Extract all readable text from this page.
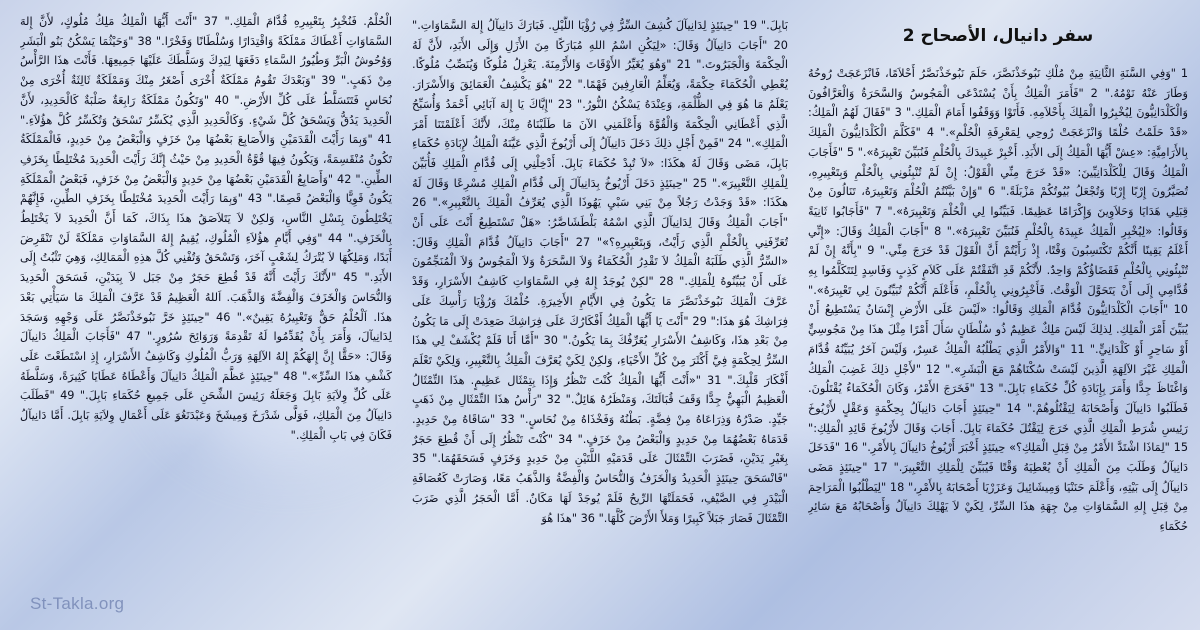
سفر دانيال، الأصحاح 2
1 "وَفِي السَّنَةِ الثَّانِيَةِ مِنْ مُلْكِ نَبُوخَذْنَصَّرَ، حَلَمَ نَبُوخَذْنَصَّرُ أَحْلاَمًا، فَانْزَعَجَتْ رُوحُهُ وَطَارَ عَنْهُ نَوْمُهُ." 2 "فَأَمَرَ الْمَلِكُ بِأَنْ يُسْتَدْعَى الْمَجُوسُ وَالسَّحَرَةُ وَالْعَرَّافُونَ وَالْكَلْدَانِيُّونَ لِيُخْبِرُوا الْمَلِكَ بِأَحْلاَمِهِ. فَأَتَوْا وَوَقَفُوا أَمَامَ الْمَلِكِ." 3 "فَقَالَ لَهُمُ الْمَلِكُ: «قَدْ حَلَمْتُ حُلْمًا وَانْزَعَجَتْ رُوحِي لِمَعْرِفَةِ الْحُلْمِ»." 4 "فَكَلَّمَ الْكَلْدَانِيُّونَ الْمَلِكَ بِالأَرَامِيَّةِ: «عِشْ أَيُّهَا الْمَلِكُ إِلَى الأَبَدِ. أَخْبِرْ عَبِيدَكَ بِالْحُلْمِ فَنُبَيِّنَ تَعْبِيرَهُ»." 5 "فَأَجَابَ الْمَلِكُ وَقَالَ لِلْكَلْدَانِيِّينَ: «قَدْ خَرَجَ مِنِّي الْقَوْلُ: إِنْ لَمْ تُنْبِئُونِي بِالْحُلْمِ وَبِتَعْبِيرِهِ، تُصَيَّرُونَ إِرْبًا إِرْبًا وَتُجْعَلُ بُيُوتُكُمْ مَزْبَلَةً." 6 "وَإِنْ بَيَّنْتُمُ الْحُلْمَ وَتَعْبِيرَهُ، تَنَالُونَ مِنْ قِبَلِي هَدَايَا وَحَلاَوِينَ وَإِكْرَامًا عَظِيمًا. فَبَيِّنُوا لِي الْحُلْمَ وَتَعْبِيرَهُ»." 7 "فَأَجَابُوا ثَانِيَةً وَقَالُوا: «لِيُخْبِرِ الْمَلِكُ عَبِيدَهُ بِالْحُلْمِ فَنُبَيِّنَ تَعْبِيرَهُ»." 8 "أَجَابَ الْمَلِكُ وَقَالَ: «إِنِّي أَعْلَمُ يَقِينًا أَنَّكُمْ تَكْتَسِبُونَ وَقْتًا، إِذْ رَأَيْتُمْ أَنَّ الْقَوْلَ قَدْ خَرَجَ مِنِّي." 9 "بِأَنَّهُ إِنْ لَمْ تُنْبِئُونِي بِالْحُلْمِ فَقَضَاؤُكُمْ وَاحِدٌ. لأَنَّكُمْ قَدِ اتَّفَقْتُمْ عَلَى كَلاَمٍ كَذِبٍ وَفَاسِدٍ لِتَتَكَلَّمُوا بِهِ قُدَّامِي إِلَى أَنْ يَتَحَوَّلَ الْوَقْتُ. فَأَخْبِرُونِي بِالْحُلْمِ، فَأَعْلَمَ أَنَّكُمْ تُبَيِّنُونَ لِي تَعْبِيرَهُ»." 10 "أَجَابَ الْكَلْدَانِيُّونَ قُدَّامَ الْمَلِكِ وَقَالُوا: «لَيْسَ عَلَى الأَرْضِ إِنْسَانٌ يَسْتَطِيعُ أَنْ يُبَيِّنَ أَمْرَ الْمَلِكِ. لِذلِكَ لَيْسَ مَلِكٌ عَظِيمٌ ذُو سُلْطَانٍ سَأَلَ أَمْرًا مِثْلَ هذَا مِنْ مَجُوسِيٍّ أَوْ سَاحِرٍ أَوْ كَلْدَانِيٍّ." 11 "وَالأَمْرُ الَّذِي يَطْلُبُهُ الْمَلِكُ عَسِرٌ، وَلَيْسَ آخَرُ يُبَيِّنُهُ قُدَّامَ الْمَلِكِ غَيْرَ الآلِهَةِ الَّذِينَ لَيْسَتْ سُكْنَاهُمْ مَعَ الْبَشَرِ»." 12 "لأَجْلِ ذلِكَ غَضِبَ الْمَلِكُ وَاغْتَاظَ جِدًّا وَأَمَرَ بِإِبَادَةِ كُلِّ حُكَمَاءِ بَابِلَ." 13 "فَخَرَجَ الأَمْرُ، وَكَانَ الْحُكَمَاءُ يُقْتَلُونَ. فَطَلَبُوا دَانِيآلَ وَأَصْحَابَهُ لِيَقْتُلُوهُمْ." 14 "حِينَئِذٍ أَجَابَ دَانِيآلُ بِحِكْمَةٍ وَعَقْلٍ لأَرْيُوخَ رَئِيسِ شُرَطِ الْمَلِكِ الَّذِي خَرَجَ لِيَقْتُلَ حُكَمَاءَ بَابِلَ. أَجَابَ وَقَالَ لأَرْيُوخَ قَائِدِ الْمَلِكِ:" 15 "لِمَاذَا اشْتَدَّ الأَمْرُ مِنْ قِبَلِ الْمَلِكِ؟» حِينَئِذٍ أَخْبَرَ أَرْيُوخُ دَانِيآلَ بِالأَمْرِ." 16 "فَدَخَلَ دَانِيآلُ وَطَلَبَ مِنَ الْمَلِكِ أَنْ يُعْطِيَهُ وَقْتًا فَيُبَيِّنَ لِلْمَلِكِ التَّعْبِيرَ." 17 "حِينَئِذٍ مَضَى دَانِيآلُ إِلَى بَيْتِهِ، وَأَعْلَمَ حَنَنْيَا وَمِيشَائِيلَ وَعَزَرْيَا أَصْحَابَهُ بِالأَمْرِ،" 18 "لِيَطْلُبُوا الْمَرَاحِمَ مِنْ قِبَلِ إِلهِ السَّمَاوَاتِ مِنْ جِهَةِ هذَا السِّرِّ، لِكَيْ لاَ يَهْلِكَ دَانِيآلُ وَأَصْحَابُهُ مَعَ سَائِرِ حُكَمَاءِ
بَابِلَ." 19 "حِينَئِذٍ لِدَانِيآلَ كُشِفَ السِّرُّ فِي رُؤْيَا اللَّيْلِ. فَبَارَكَ دَانِيآلُ إِلهَ السَّمَاوَاتِ." 20 "أَجَابَ دَانِيآلُ وَقَالَ: «لِيَكُنِ اسْمُ اللهِ مُبَارَكًا مِنَ الأَزَلِ وَإِلَى الأَبَدِ، لأَنَّ لَهُ الْحِكْمَةَ وَالْجَبَرُوتَ." 21 "وَهُوَ يُغَيِّرُ الأَوْقَاتَ وَالأَزْمِنَةَ. يَعْزِلُ مُلُوكًا وَيُنَصِّبُ مُلُوكًا. يُعْطِي الْحُكَمَاءَ حِكْمَةً، وَيُعَلِّمُ الْعَارِفِينَ فَهْمًا." 22 "هُوَ يَكْشِفُ الْعَمَائِقَ وَالأَسْرَارَ. يَعْلَمُ مَا هُوَ فِي الظُّلْمَةِ، وَعِنْدَهُ يَسْكُنُ النُّورُ." 23 "إِيَّاكَ يَا إِلهَ آبَائِي أَحْمَدُ وَأُسَبِّحُ الَّذِي أَعْطَانِي الْحِكْمَةَ وَالْقُوَّةَ وَأَعْلَمَنِي الآنَ مَا طَلَبْنَاهُ مِنْكَ، لأَنَّكَ أَعْلَمْتَنَا أَمْرَ الْمَلِكِ»." 24 "فَمِنْ أَجْلِ ذلِكَ دَخَلَ دَانِيآلُ إِلَى أَرْيُوخَ الَّذِي عَيَّنَهُ الْمَلِكُ لإِبَادَةِ حُكَمَاءِ بَابِلَ، مَضَى وَقَالَ لَهُ هكَذَا: «لاَ تُبِدْ حُكَمَاءَ بَابِلَ. أَدْخِلْنِي إِلَى قُدَّامِ الْمَلِكِ فَأُبَيِّنَ لِلْمَلِكِ التَّعْبِيرَ»." 25 "حِينَئِذٍ دَخَلَ أَرْيُوخُ بِدَانِيآلَ إِلَى قُدَّامِ الْمَلِكِ مُسْرِعًا وَقَالَ لَهُ هكَذَا: «قَدْ وَجَدْتُ رَجُلاً مِنْ بَنِي سَبْيِ يَهُوذَا الَّذِي يُعَرِّفُ الْمَلِكَ بِالتَّعْبِيرِ»." 26 "أَجَابَ الْمَلِكُ وَقَالَ لِدَانِيآلَ الَّذِي اسْمُهُ بَلْطَشَاصَّرُ: «هَلْ تَسْتَطِيعُ أَنْتَ عَلَى أَنْ تُعَرِّفَنِي بِالْحُلْمِ الَّذِي رَأَيْتُ، وَبِتَعْبِيرِهِ؟»" 27 "أَجَابَ دَانِيآلُ قُدَّامَ الْمَلِكِ وَقَالَ: «السِّرُّ الَّذِي طَلَبَهُ الْمَلِكُ لاَ تَقْدِرُ الْحُكَمَاءُ وَلاَ السَّحَرَةُ وَلاَ الْمَجُوسُ وَلاَ الْمُنَجِّمُونَ عَلَى أَنْ يُبَيِّنُوهُ لِلْمَلِكِ." 28 "لكِنْ يُوجَدُ إِلهٌ فِي السَّمَاوَاتِ كَاشِفُ الأَسْرَارِ، وَقَدْ عَرَّفَ الْمَلِكَ نَبُوخَذْنَصَّرَ مَا يَكُونُ فِي الأَيَّامِ الأَخِيرَةِ. حُلْمُكَ وَرُؤْيَا رَأْسِكَ عَلَى فِرَاشِكَ هُوَ هذَا:" 29 "أَنْتَ يَا أَيُّهَا الْمَلِكُ أَفْكَارُكَ عَلَى فِرَاشِكَ صَعِدَتْ إِلَى مَا يَكُونُ مِنْ بَعْدِ هذَا، وَكَاشِفُ الأَسْرَارِ يُعَرِّفُكَ بِمَا يَكُونُ." 30 "أَمَّا أَنَا فَلَمْ يُكْشَفْ لِي هذَا السِّرُّ لِحِكْمَةٍ فِيَّ أَكْثَرَ مِنْ كُلِّ الأَحْيَاءِ، وَلكِنْ لِكَيْ يُعَرَّفَ الْمَلِكُ بِالتَّعْبِيرِ، وَلِكَيْ تَعْلَمَ أَفْكَارَ قَلْبِكَ." 31 "«أَنْتَ أَيُّهَا الْمَلِكُ كُنْتَ تَنْظُرُ وَإِذَا بِتِمْثَال عَظِيمٍ. هذَا التِّمْثَالُ الْعَظِيمُ الْبَهِيُّ جِدًّا وَقَفَ قُبَالَتَكَ، وَمَنْظَرُهُ هَائِلٌ." 32 "رَأْسُ هذَا التِّمْثَالِ مِنْ ذَهَبٍ جَيِّدٍ. صَدْرُهُ وَذِرَاعَاهُ مِنْ فِضَّةٍ. بَطْنُهُ وَفَخْذَاهُ مِنْ نُحَاسٍ." 33 "سَاقَاهُ مِنْ حَدِيدٍ. قَدَمَاهُ بَعْضُهُمَا مِنْ حَدِيدٍ وَالْبَعْضُ مِنْ خَزَفٍ." 34 "كُنْتَ تَنْظُرُ إِلَى أَنْ قُطِعَ حَجَرٌ بِغَيْرِ يَدَيْنِ، فَضَرَبَ التِّمْثَالَ عَلَى قَدَمَيْهِ اللَّتَيْنِ مِنْ حَدِيدٍ وَخَزَفٍ فَسَحَقَهُمَا." 35 "فَانْسَحَقَ حِينَئِذٍ الْحَدِيدُ وَالْخَزَفُ وَالنُّحَاسُ وَالْفِضَّةُ وَالذَّهَبُ مَعًا، وَصَارَتْ كَعُصَافَةِ الْبَيْدَرِ فِي الصَّيْفِ، فَحَمَلَتْهَا الرِّيحُ فَلَمْ يُوجَدْ لَهَا مَكَانٌ. أَمَّا الْحَجَرُ الَّذِي ضَرَبَ التِّمْثَالَ فَصَارَ جَبَلاً كَبِيرًا وَمَلأَ الأَرْضَ كُلَّهَا." 36 "هذَا هُوَ
الْحُلْمُ. فَنُخْبِرُ بِتَعْبِيرِهِ قُدَّامَ الْمَلِكِ." 37 "أَنْتَ أَيُّهَا الْمَلِكُ مَلِكُ مُلُوكٍ، لأَنَّ إِلهَ السَّمَاوَاتِ أَعْطَاكَ مَمْلَكَةً وَاقْتِدَارًا وَسُلْطَانًا وَفَخْرًا." 38 "وَحَيْثُمَا يَسْكُنُ بَنُو الْبَشَرِ وَوُحُوشُ الْبَرِّ وَطُيُورُ السَّمَاءِ دَفَعَهَا لِيَدِكَ وَسَلَّطَكَ عَلَيْهَا جَمِيعِهَا. فَأَنْتَ هذَا الرَّأْسُ مِنْ ذَهَبٍ." 39 "وَبَعْدَكَ تَقُومُ مَمْلَكَةٌ أُخْرَى أَصْغَرُ مِنْكَ وَمَمْلَكَةٌ ثَالِثَةٌ أُخْرَى مِنْ نُحَاسٍ فَتَتَسَلَّطُ عَلَى كُلِّ الأَرْضِ." 40 "وَتَكُونُ مَمْلَكَةٌ رَابِعَةٌ صَلْبَةٌ كَالْحَدِيدِ، لأَنَّ الْحَدِيدَ يَدُقُّ وَيَسْحَقُ كُلَّ شَيْءٍ. وَكَالْحَدِيدِ الَّذِي يُكَسِّرُ تَسْحَقُ وَتُكَسِّرُ كُلَّ هؤُلاَءِ." 41 "وَبِمَا رَأَيْتَ الْقَدَمَيْنِ وَالأَصَابِعَ بَعْضُهَا مِنْ خَزَفٍ وَالْبَعْضُ مِنْ حَدِيدٍ، فَالْمَمْلَكَةُ تَكُونُ مُنْقَسِمَةً، وَيَكُونُ فِيهَا قُوَّةُ الْحَدِيدِ مِنْ حَيْثُ إِنَّكَ رَأَيْتَ الْحَدِيدَ مُخْتَلِطًا بِخَزَفِ الطِّينِ." 42 "وَأَصَابِعُ الْقَدَمَيْنِ بَعْضُهَا مِنْ حَدِيدٍ وَالْبَعْضُ مِنْ خَزَفٍ، فَبَعْضُ الْمَمْلَكَةِ يَكُونُ قَوِيًّا وَالْبَعْضُ قَصِمًا." 43 "وَبِمَا رَأَيْتَ الْحَدِيدَ مُخْتَلِطًا بِخَزَفِ الطِّينِ، فَإِنَّهُمْ يَخْتَلِطُونَ بِنَسْلِ النَّاسِ، وَلكِنْ لاَ يَتَلاَصَقُ هذَا بِذَاكَ، كَمَا أَنَّ الْحَدِيدَ لاَ يَخْتَلِطُ بِالْخَزَفِ." 44 "وَفِي أَيَّامِ هؤُلاَءِ الْمُلُوكِ، يُقِيمُ إِلهُ السَّمَاوَاتِ مَمْلَكَةً لَنْ تَنْقَرِضَ أَبَدًا، وَمَلِكُهَا لاَ يُتْرَكُ لِشَعْبٍ آخَرَ، وَتَسْحَقُ وَتُفْنِي كُلَّ هذِهِ الْمَمَالِكِ، وَهِيَ تَثْبُتُ إِلَى الأَبَدِ." 45 "لأَنَّكَ رَأَيْتَ أَنَّهُ قَدْ قُطِعَ حَجَرٌ مِنْ جَبَل لاَ بِيَدَيْنِ، فَسَحَقَ الْحَدِيدَ وَالنُّحَاسَ وَالْخَزَفَ وَالْفِضَّةَ وَالذَّهَبَ. اَللهُ الْعَظِيمُ قَدْ عَرَّفَ الْمَلِكَ مَا سَيَأْتِي بَعْدَ هذَا. اَلْحُلْمُ حَقٌّ وَتَعْبِيرُهُ يَقِينٌ»." 46 "حِينَئِذٍ خَرَّ نَبُوخَذْنَصَّرُ عَلَى وَجْهِهِ وَسَجَدَ لِدَانِيآلَ، وَأَمَرَ بِأَنْ يُقَدِّمُوا لَهُ تَقْدِمَةً وَرَوَائِحَ سُرُورٍ." 47 "فَأَجَابَ الْمَلِكُ دَانِيآلَ وَقَالَ: «حَقًّا إِنَّ إِلهَكُمْ إِلهُ الآلِهَةِ وَرَبُّ الْمُلُوكِ وَكَاشِفُ الأَسْرَارِ، إِذِ اسْتَطَعْتَ عَلَى كَشْفِ هذَا السِّرِّ»." 48 "حِينَئِذٍ عَظَّمَ الْمَلِكُ دَانِيآلَ وَأَعْطَاهُ عَطَايَا كَثِيرَةً، وَسَلَّطَهُ عَلَى كُلِّ وِلاَيَةِ بَابِلَ وَجَعَلَهُ رَئِيسَ الشِّحَنِ عَلَى جَمِيعِ حُكَمَاءِ بَابِلَ." 49 "فَطَلَبَ دَانِيآلُ مِنَ الْمَلِكِ، فَوَلَّى شَدْرَخَ وَمِيشَخَ وَعَبْدَنَغُوَ عَلَى أَعْمَالِ وِلاَيَةِ بَابِلَ. أَمَّا دَانِيآلُ فَكَانَ فِي بَابِ الْمَلِكِ."
St-Takla.org
